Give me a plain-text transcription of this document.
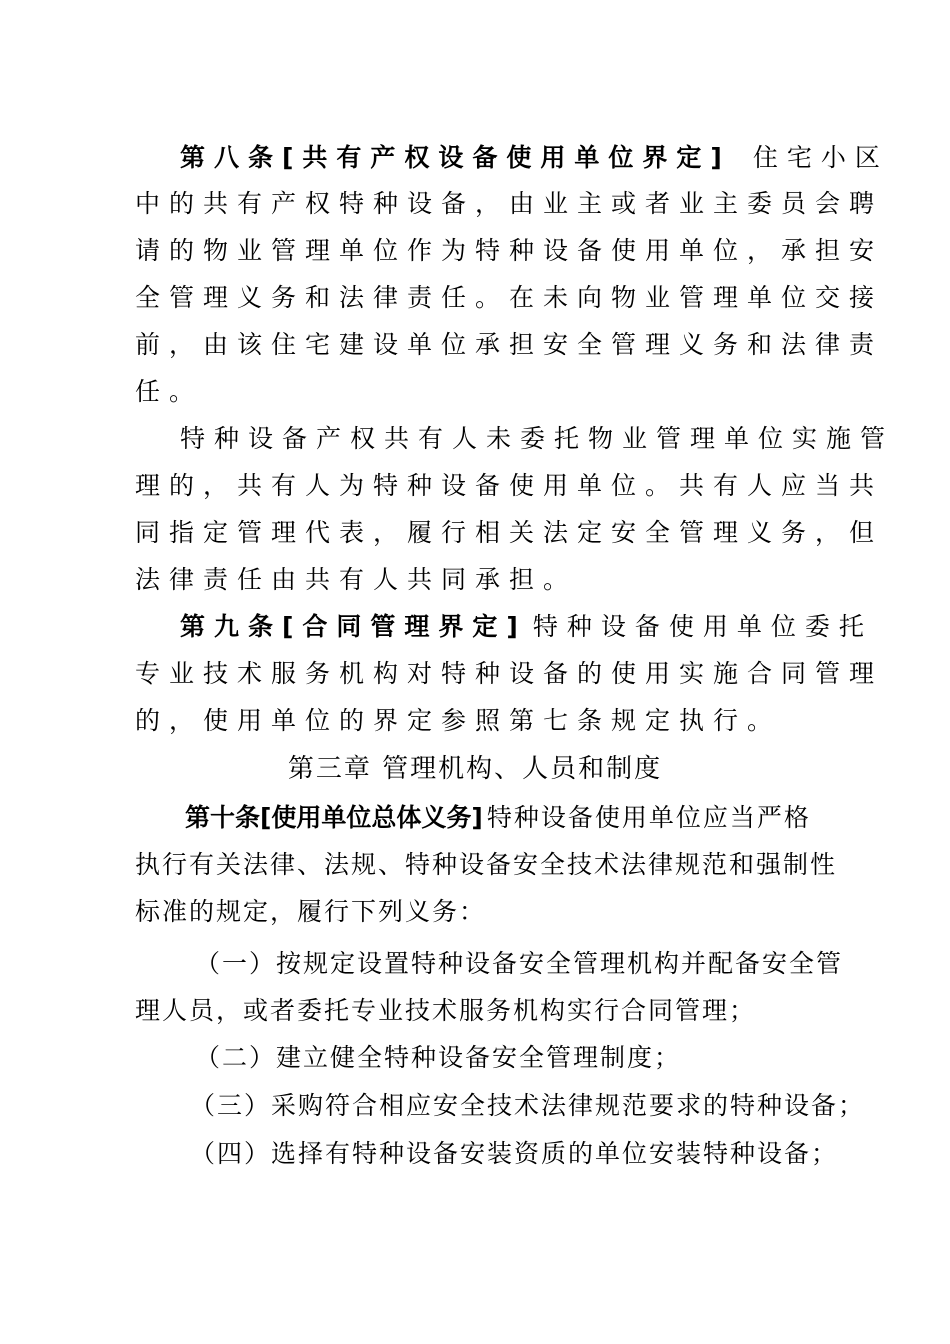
第八条[共有产权设备使用单位界定] 住宅小区
中的共有产权特种设备，由业主或者业主委员会聘
请的物业管理单位作为特种设备使用单位，承担安
全管理义务和法律责任。在未向物业管理单位交接
前，由该住宅建设单位承担安全管理义务和法律责
任。
特种设备产权共有人未委托物业管理单位实施管
理的，共有人为特种设备使用单位。共有人应当共
同指定管理代表，履行相关法定安全管理义务，但
法律责任由共有人共同承担。
第九条[合同管理界定] 特种设备使用单位委托
专业技术服务机构对特种设备的使用实施合同管理
的，使用单位的界定参照第七条规定执行。
第三章 管理机构、人员和制度
第十条[使用单位总体义务] 特种设备使用单位应当严格
执行有关法律、法规、特种设备安全技术法律规范和强制性
标准的规定，履行下列义务：
（一）按规定设置特种设备安全管理机构并配备安全管
理人员，或者委托专业技术服务机构实行合同管理；
（二）建立健全特种设备安全管理制度；
（三）采购符合相应安全技术法律规范要求的特种设备；
（四）选择有特种设备安装资质的单位安装特种设备；
